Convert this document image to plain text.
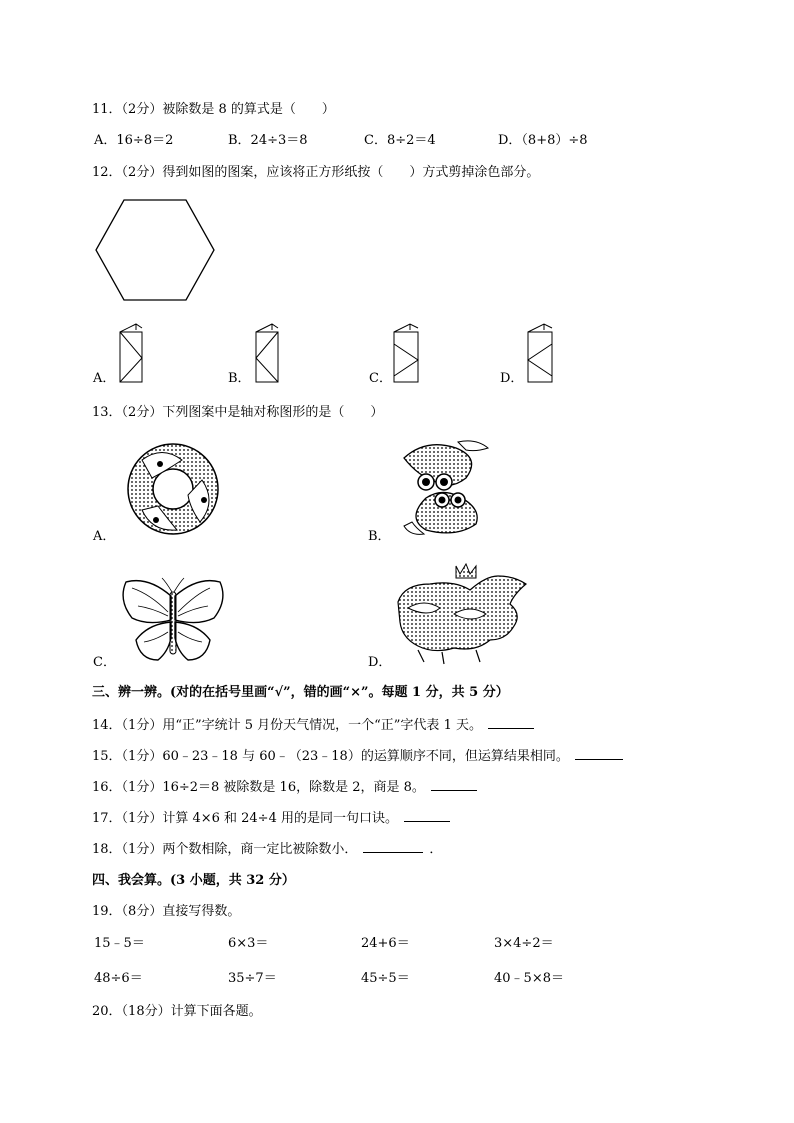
11．（2分）被除数是 8 的算式是（　　）
A．16÷8＝2	B．24÷3＝8	C．8÷2＝4	D．（8+8）÷8
12．（2分）得到如图的图案，应该将正方形纸按（　　）方式剪掉涂色部分。
A．	B．	C．	D．
13．（2分）下列图案中是轴对称图形的是（　　）
A．	B．
C．	D．
三、辨一辨。(对的在括号里画“√”，错的画“×”。每题 1 分，共 5 分）
14．（1分）用“正”字统计 5 月份天气情况，一个“正”字代表 1 天。
15．（1分）60﹣23﹣18 与 60﹣（23﹣18）的运算顺序不同，但运算结果相同。
16．（1分）16÷2＝8 被除数是 16，除数是 2，商是 8。
17．（1分）计算 4×6 和 24÷4 用的是同一句口诀。
18．（1分）两个数相除，商一定比被除数小．	．
四、我会算。(3 小题，共 32 分）
19．（8分）直接写得数。
15﹣5＝	6×3＝	24+6＝	3×4÷2＝
48÷6＝	35÷7＝	45÷5＝	40﹣5×8＝
20．（18分）计算下面各题。
